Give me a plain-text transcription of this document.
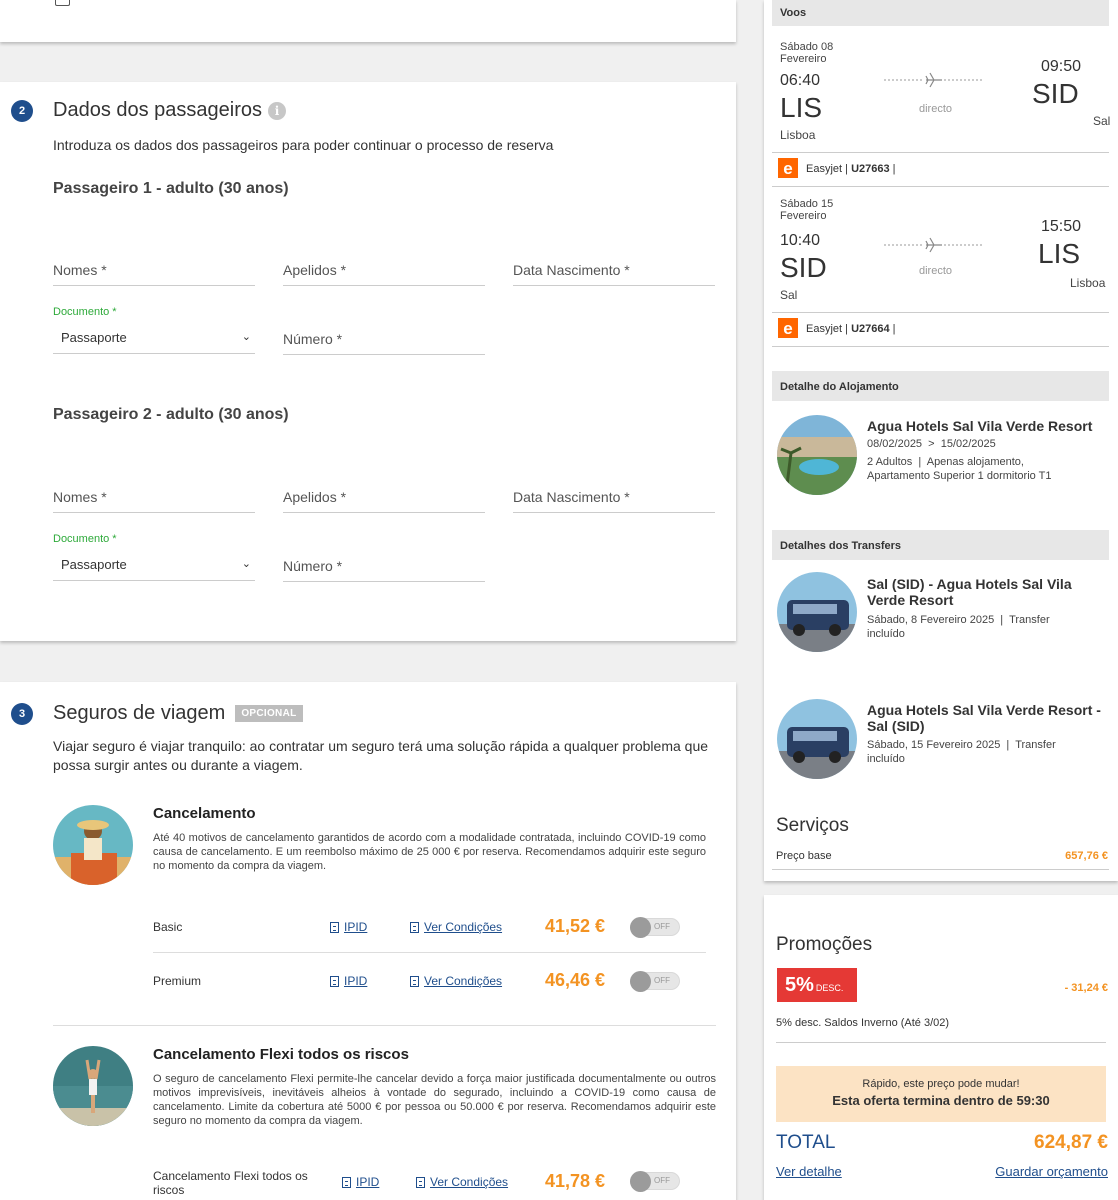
2	Dados dos passageiros	i
Introduza os dados dos passageiros para poder continuar o processo de reserva
Passageiro 1 - adulto (30 anos)
Nomes *	Apelidos *	Data Nascimento *
Documento *
Passaporte	⌄ Número *
Passageiro 2 - adulto (30 anos)
Nomes *	Apelidos *	Data Nascimento *
Documento *
Passaporte	⌄ Número *
3	Seguros de viagem	OPCIONAL
Viajar seguro é viajar tranquilo: ao contratar um seguro terá uma solução rápida a qualquer problema que possa surgir antes ou durante a viagem.
Cancelamento
Até 40 motivos de cancelamento garantidos de acordo com a modalidade contratada, incluindo COVID-19 como causa de cancelamento. E um reembolso máximo de 25 000 € por reserva. Recomendamos adquirir este seguro no momento da compra da viagem.
Basic	IPID	Ver Condições 41,52 €	OFF
Premium	IPID	Ver Condições 46,46 €	OFF
Cancelamento Flexi todos os riscos
O seguro de cancelamento Flexi permite-lhe cancelar devido a força maior justificada documentalmente ou outros motivos imprevisíveis, inevitáveis alheios à vontade do segurado, incluindo a COVID-19 como causa de cancelamento. Limite da cobertura até 5000 € por pessoa ou 50.000 € por reserva. Recomendamos adquirir este seguro no momento da compra da viagem.
Cancelamento Flexi todos os riscos
IPID	Ver Condições 41,78 €	OFF
Voos
Sábado 08 Fevereiro
06:40
LIS
Lisboa
directo
09:50
SID
Sal
e	Easyjet | U27663 |
Sábado 15 Fevereiro
10:40
SID
Sal
directo
15:50
LIS
Lisboa
e	Easyjet | U27664 |
Detalhe do Alojamento
Agua Hotels Sal Vila Verde Resort
08/02/2025  >  15/02/2025
2 Adultos  |  Apenas alojamento, Apartamento Superior 1 dormitorio T1
Detalhes dos Transfers
Sal (SID) - Agua Hotels Sal Vila Verde Resort
Sábado, 8 Fevereiro 2025  |  Transfer incluído
Agua Hotels Sal Vila Verde Resort - Sal (SID)
Sábado, 15 Fevereiro 2025  |  Transfer incluído
Serviços
Preço base	657,76 €
Promoções
5% DESC.	- 31,24 €
5% desc. Saldos Inverno (Até 3/02)
Rápido, este preço pode mudar!
Esta oferta termina dentro de 59:30
TOTAL	624,87 €
Ver detalhe	Guardar orçamento
